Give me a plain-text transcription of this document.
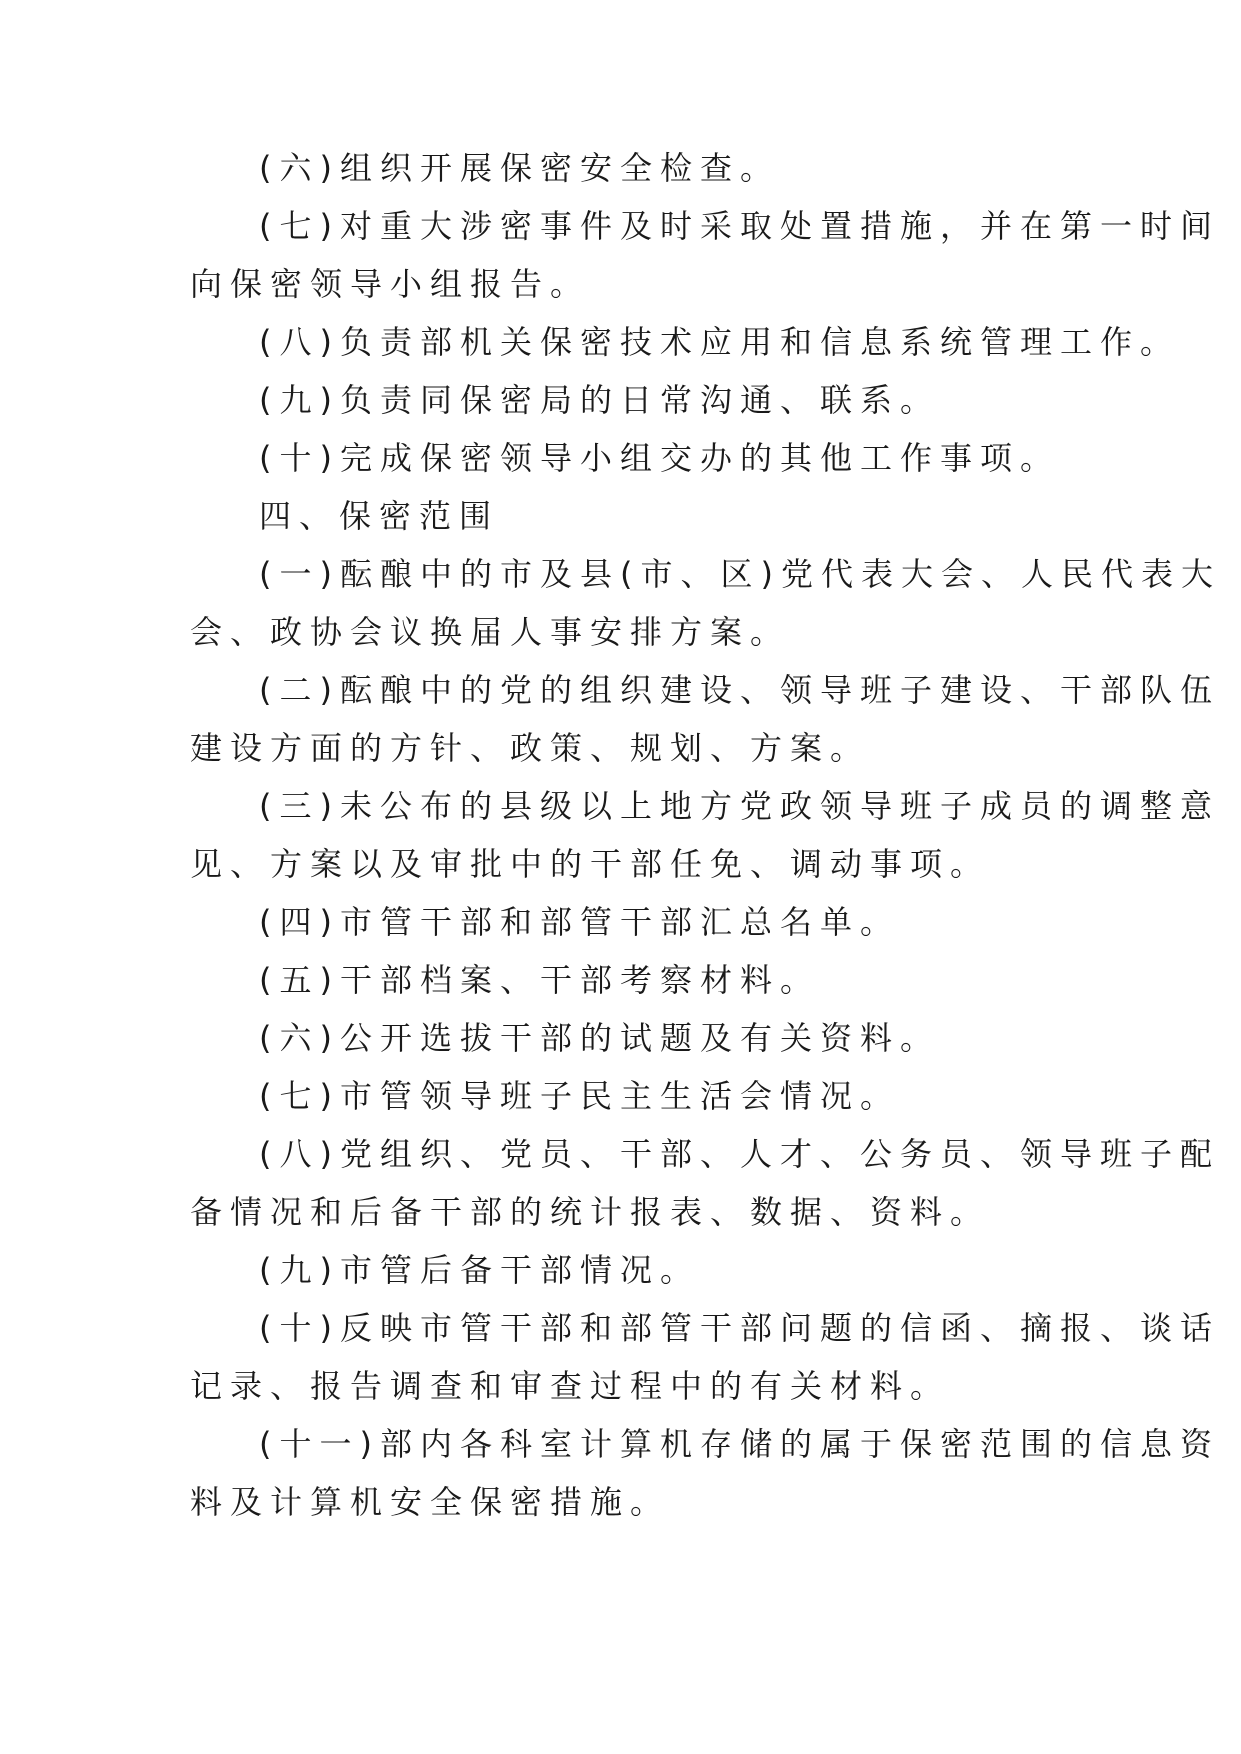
(六)组织开展保密安全检查。
(七)对重大涉密事件及时采取处置措施，并在第一时间
向保密领导小组报告。
(八)负责部机关保密技术应用和信息系统管理工作。
(九)负责同保密局的日常沟通、联系。
(十)完成保密领导小组交办的其他工作事项。
四、保密范围
(一)酝酿中的市及县(市、区)党代表大会、人民代表大
会、政协会议换届人事安排方案。
(二)酝酿中的党的组织建设、领导班子建设、干部队伍
建设方面的方针、政策、规划、方案。
(三)未公布的县级以上地方党政领导班子成员的调整意
见、方案以及审批中的干部任免、调动事项。
(四)市管干部和部管干部汇总名单。
(五)干部档案、干部考察材料。
(六)公开选拔干部的试题及有关资料。
(七)市管领导班子民主生活会情况。
(八)党组织、党员、干部、人才、公务员、领导班子配
备情况和后备干部的统计报表、数据、资料。
(九)市管后备干部情况。
(十)反映市管干部和部管干部问题的信函、摘报、谈话
记录、报告调查和审查过程中的有关材料。
(十一)部内各科室计算机存储的属于保密范围的信息资
料及计算机安全保密措施。
